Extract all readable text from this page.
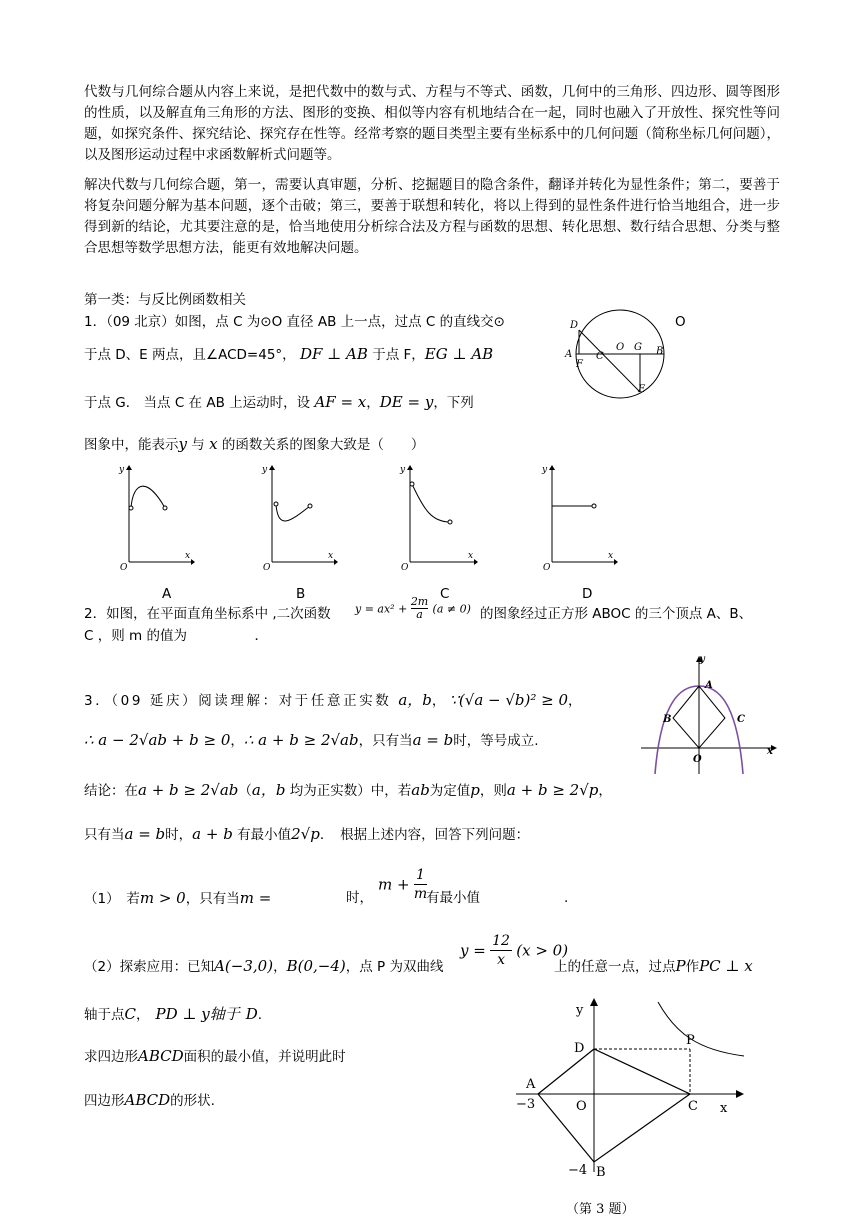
代数与几何综合题从内容上来说，是把代数中的数与式、方程与不等式、函数，几何中的三角形、四边形、圆等图形的性质，以及解直角三角形的方法、图形的变换、相似等内容有机地结合在一起，同时也融入了开放性、探究性等问题，如探究条件、探究结论、探究存在性等。经常考察的题目类型主要有坐标系中的几何问题（简称坐标几何问题），以及图形运动过程中求函数解析式问题等。
解决代数与几何综合题，第一，需要认真审题，分析、挖掘题目的隐含条件，翻译并转化为显性条件；第二，要善于将复杂问题分解为基本问题，逐个击破；第三，要善于联想和转化，将以上得到的显性条件进行恰当地组合，进一步得到新的结论，尤其要注意的是，恰当地使用分析综合法及方程与函数的思想、转化思想、数行结合思想、分类与整合思想等数学思想方法，能更有效地解决问题。
第一类：与反比例函数相关
1．（09 北京）如图，点 C 为⊙O 直径 AB 上一点，过点 C 的直线交⊙	O
于点 D、E 两点，且∠ACD=45°， DF ⊥ AB 于点 F，EG ⊥ AB
于点 G． 当点 C 在 AB 上运动时，设 AF = x，DE = y，下列
图象中，能表示y 与 x 的函数关系的图象大致是（　　）
D
A
F
C
O G B
E
y
x
O
y
x
O
y
x
O
y
x
O
A	B	C	D
2．如图，在平面直角坐标系中 ,二次函数 $y = ax^2 + \frac{2m}{a} (a \ne 0)$ 的图象经过正方形 ABOC 的三个顶点 A、B、
C ，则 m 的值为　　　　　．
y
x
A
B	C
O
3．（09 延庆）阅读理解：对于任意正实数 a，b， ∵(√a − √b)² ≥ 0，
∴ a − 2√ab + b ≥ 0，∴ a + b ≥ 2√ab，只有当a = b时，等号成立.
结论：在a + b ≥ 2√ab（a，b 均为正实数）中，若ab为定值p，则a + b ≥ 2√p，
只有当a = b时，a + b 有最小值2√p．　根据上述内容，回答下列问题：
（1）　若m > 0，只有当m =	时，
$m + \frac{1}{m}$
有最小值	.
（2）探索应用：已知A(−3,0)，B(0,−4)，点 P 为双曲线
$y = \frac{12}{x} (x > 0)$
上的任意一点，过点P作PC ⊥ x
轴于点C， PD ⊥ y轴于 D.
求四边形ABCD面积的最小值，并说明此时
四边形ABCD的形状.
y
x
D
P
A
−3	O	C
−4 B
（第 3 题）
